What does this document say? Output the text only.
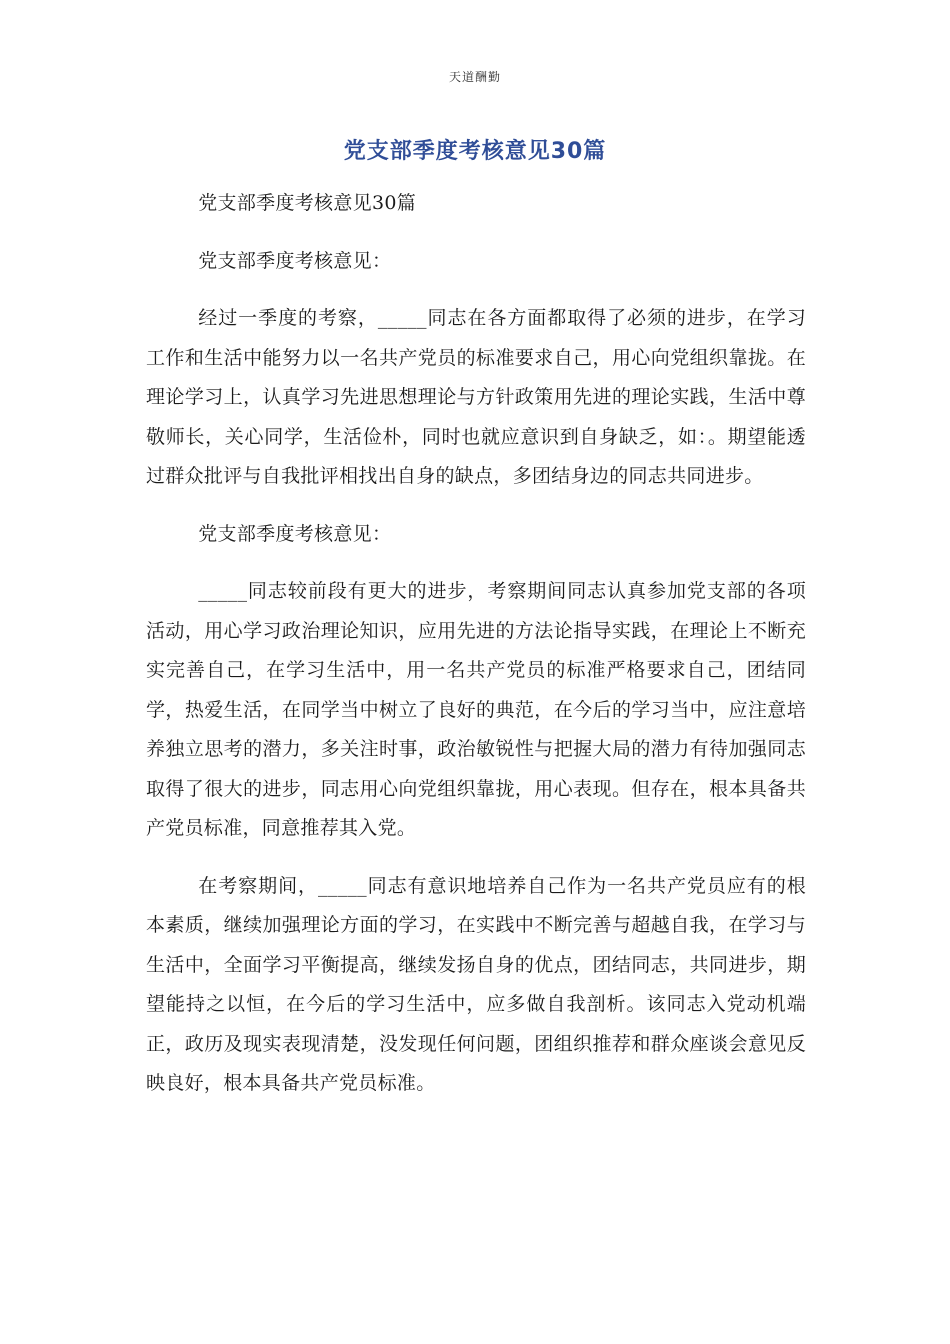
天道酬勤
党支部季度考核意见30篇

党支部季度考核意见30篇

党支部季度考核意见：

经过一季度的考察，_____同志在各方面都取得了必须的进步，在学习工作和生活中能努力以一名共产党员的标准要求自己，用心向党组织靠拢。在理论学习上，认真学习先进思想理论与方针政策用先进的理论实践，生活中尊敬师长，关心同学，生活俭朴，同时也就应意识到自身缺乏，如：。期望能透过群众批评与自我批评相找出自身的缺点，多团结身边的同志共同进步。

党支部季度考核意见：

_____同志较前段有更大的进步，考察期间同志认真参加党支部的各项活动，用心学习政治理论知识，应用先进的方法论指导实践，在理论上不断充实完善自己，在学习生活中，用一名共产党员的标准严格要求自己，团结同学，热爱生活，在同学当中树立了良好的典范，在今后的学习当中，应注意培养独立思考的潜力，多关注时事，政治敏锐性与把握大局的潜力有待加强同志取得了很大的进步，同志用心向党组织靠拢，用心表现。但存在，根本具备共产党员标准，同意推荐其入党。

在考察期间，_____同志有意识地培养自己作为一名共产党员应有的根本素质，继续加强理论方面的学习，在实践中不断完善与超越自我，在学习与生活中，全面学习平衡提高，继续发扬自身的优点，团结同志，共同进步，期望能持之以恒，在今后的学习生活中，应多做自我剖析。该同志入党动机端正，政历及现实表现清楚，没发现任何问题，团组织推荐和群众座谈会意见反映良好，根本具备共产党员标准。
